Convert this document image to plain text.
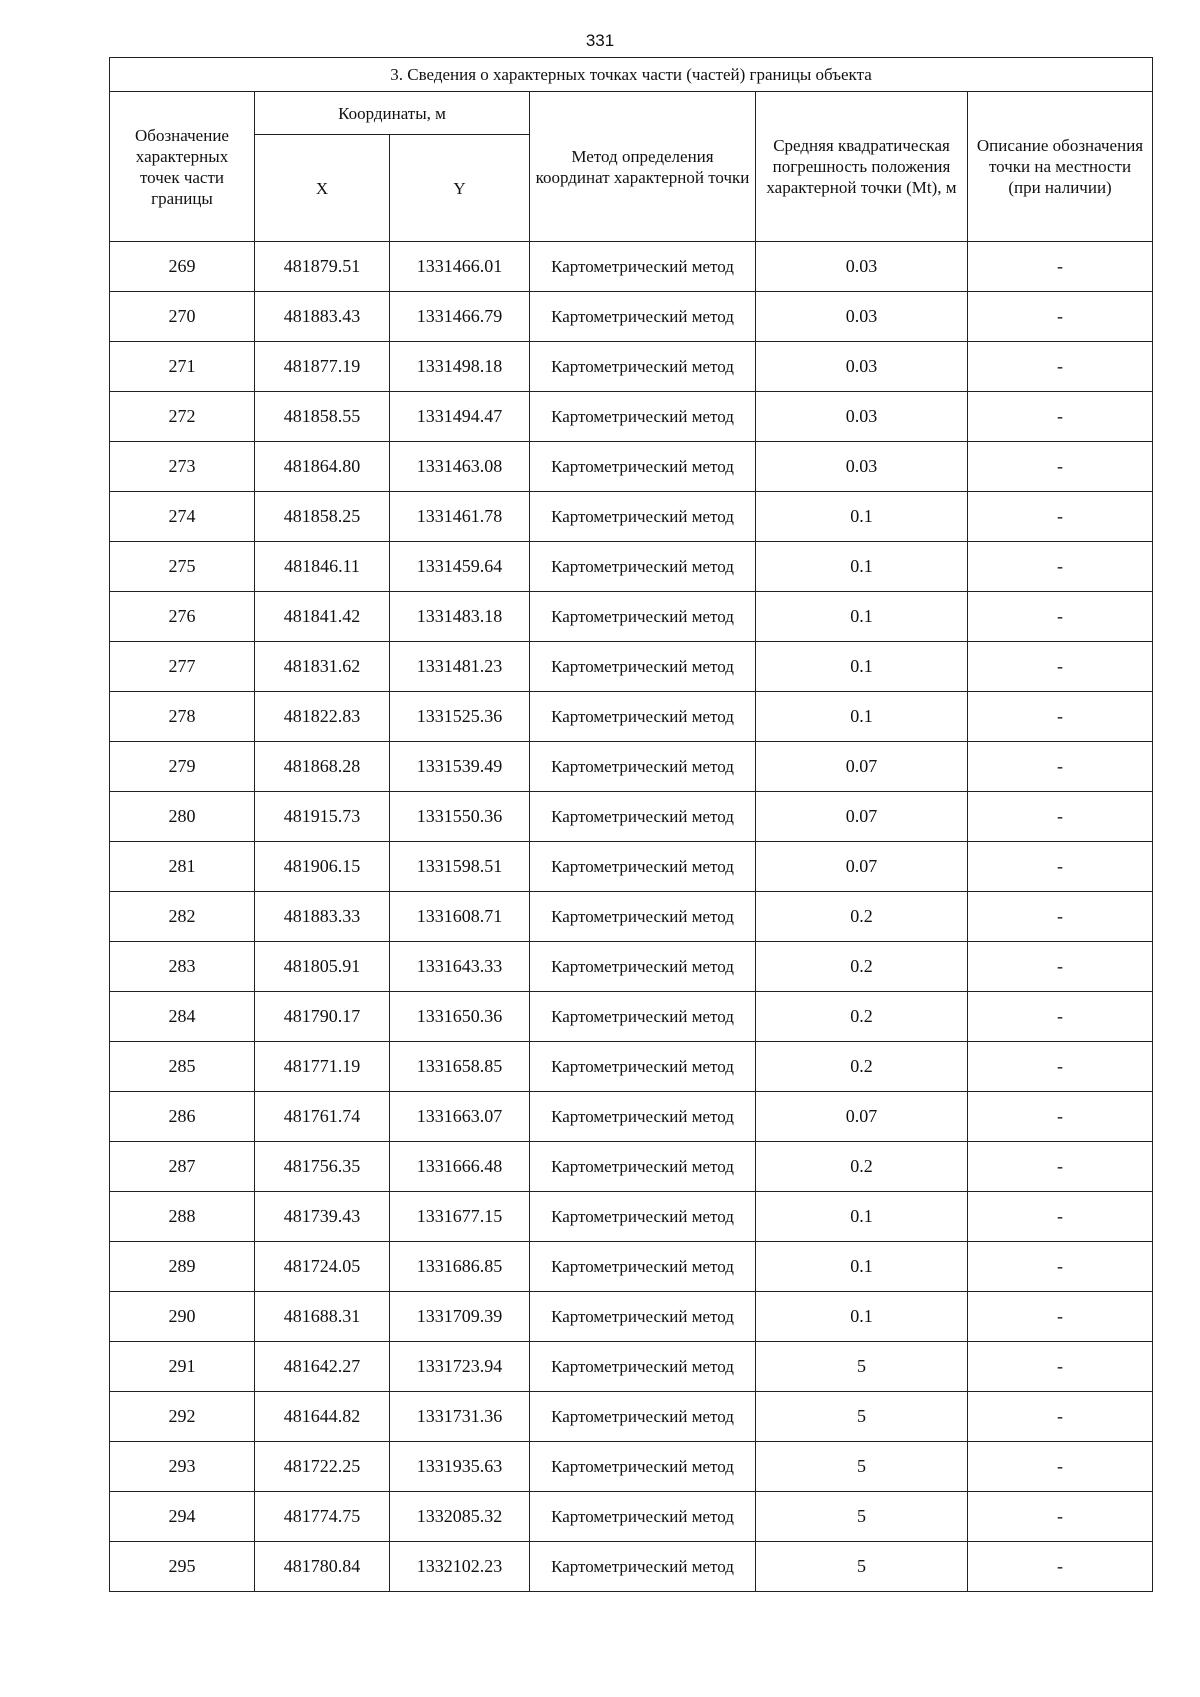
331
3. Сведения о характерных точках части (частей) границы объекта					
Обозначение характерных точек части границы	Координаты, м		Метод определения координат характерной точки	Средняя квадратическая погрешность положения характерной точки (Mt), м	Описание обозначения точки на местности (при наличии)
	X	Y			
269	481879.51	1331466.01	Картометрический метод	0.03	-
270	481883.43	1331466.79	Картометрический метод	0.03	-
271	481877.19	1331498.18	Картометрический метод	0.03	-
272	481858.55	1331494.47	Картометрический метод	0.03	-
273	481864.80	1331463.08	Картометрический метод	0.03	-
274	481858.25	1331461.78	Картометрический метод	0.1	-
275	481846.11	1331459.64	Картометрический метод	0.1	-
276	481841.42	1331483.18	Картометрический метод	0.1	-
277	481831.62	1331481.23	Картометрический метод	0.1	-
278	481822.83	1331525.36	Картометрический метод	0.1	-
279	481868.28	1331539.49	Картометрический метод	0.07	-
280	481915.73	1331550.36	Картометрический метод	0.07	-
281	481906.15	1331598.51	Картометрический метод	0.07	-
282	481883.33	1331608.71	Картометрический метод	0.2	-
283	481805.91	1331643.33	Картометрический метод	0.2	-
284	481790.17	1331650.36	Картометрический метод	0.2	-
285	481771.19	1331658.85	Картометрический метод	0.2	-
286	481761.74	1331663.07	Картометрический метод	0.07	-
287	481756.35	1331666.48	Картометрический метод	0.2	-
288	481739.43	1331677.15	Картометрический метод	0.1	-
289	481724.05	1331686.85	Картометрический метод	0.1	-
290	481688.31	1331709.39	Картометрический метод	0.1	-
291	481642.27	1331723.94	Картометрический метод	5	-
292	481644.82	1331731.36	Картометрический метод	5	-
293	481722.25	1331935.63	Картометрический метод	5	-
294	481774.75	1332085.32	Картометрический метод	5	-
295	481780.84	1332102.23	Картометрический метод	5	-
